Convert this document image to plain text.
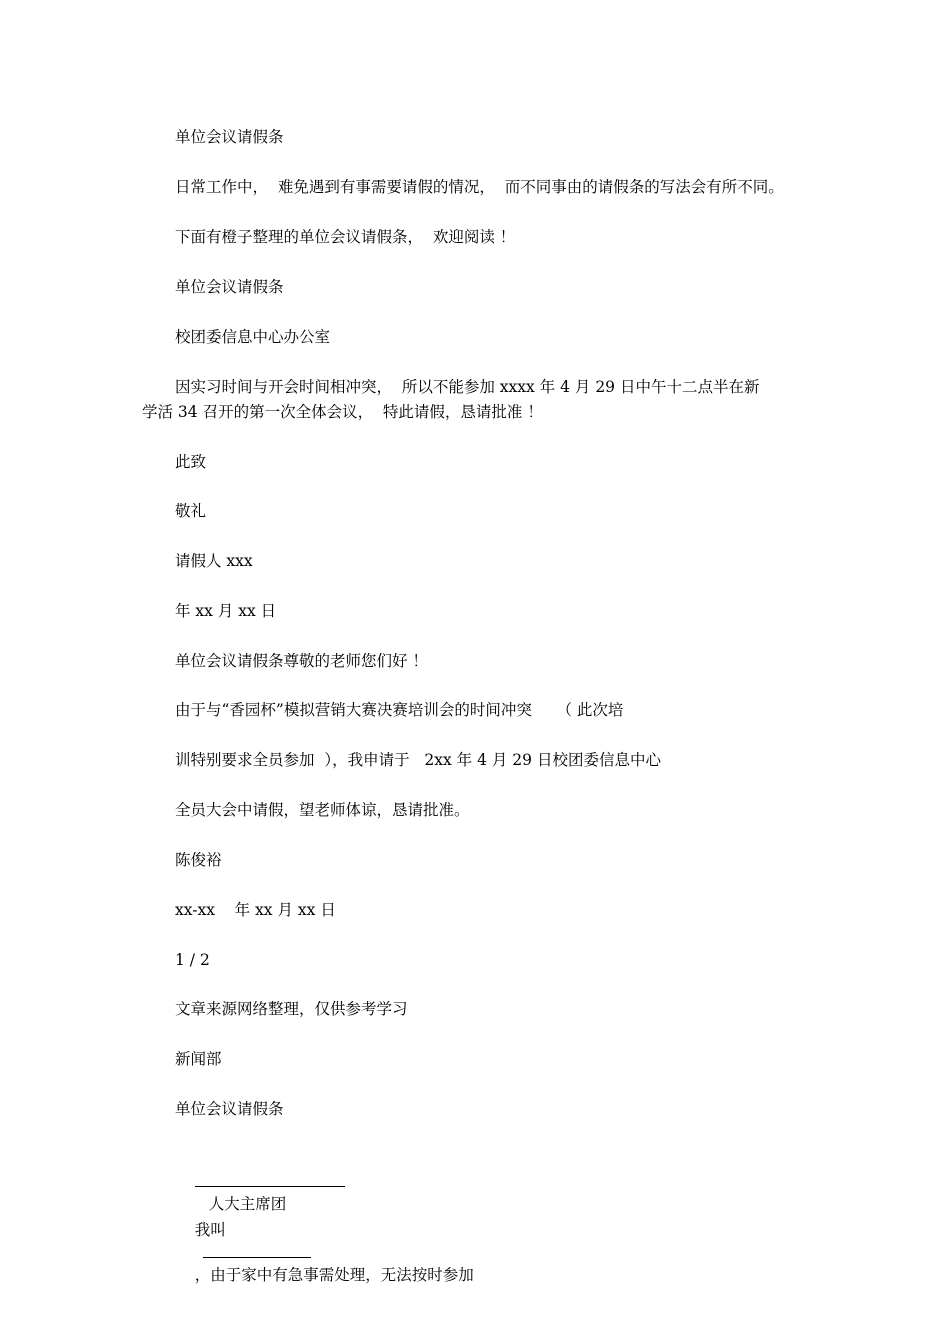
单位会议请假条

日常工作中，  难免遇到有事需要请假的情况，  而不同事由的请假条的写法会有所不同。

下面有橙子整理的单位会议请假条，  欢迎阅读 ！

单位会议请假条

校团委信息中心办公室

因实习时间与开会时间相冲突，  所以不能参加 xxxx 年 4 月 29 日中午十二点半在新

学活 34 召开的第一次全体会议，  特此请假，恳请批准 ！

此致

敬礼

请假人 xxx

年 xx 月 xx 日

单位会议请假条尊敬的老师您们好 ！

由于与“香园杯”模拟营销大赛决赛培训会的时间冲突     （ 此次培

训特别要求全员参加  ），我申请于   2xx 年 4 月 29 日校团委信息中心

全员大会中请假，望老师体谅，恳请批准。

陈俊裕

xx-xx    年 xx 月 xx 日

1 / 2

文章来源网络整理，仅供参考学习

新闻部

单位会议请假条

人大主席团

我叫

，由于家中有急事需处理，无法按时参加
